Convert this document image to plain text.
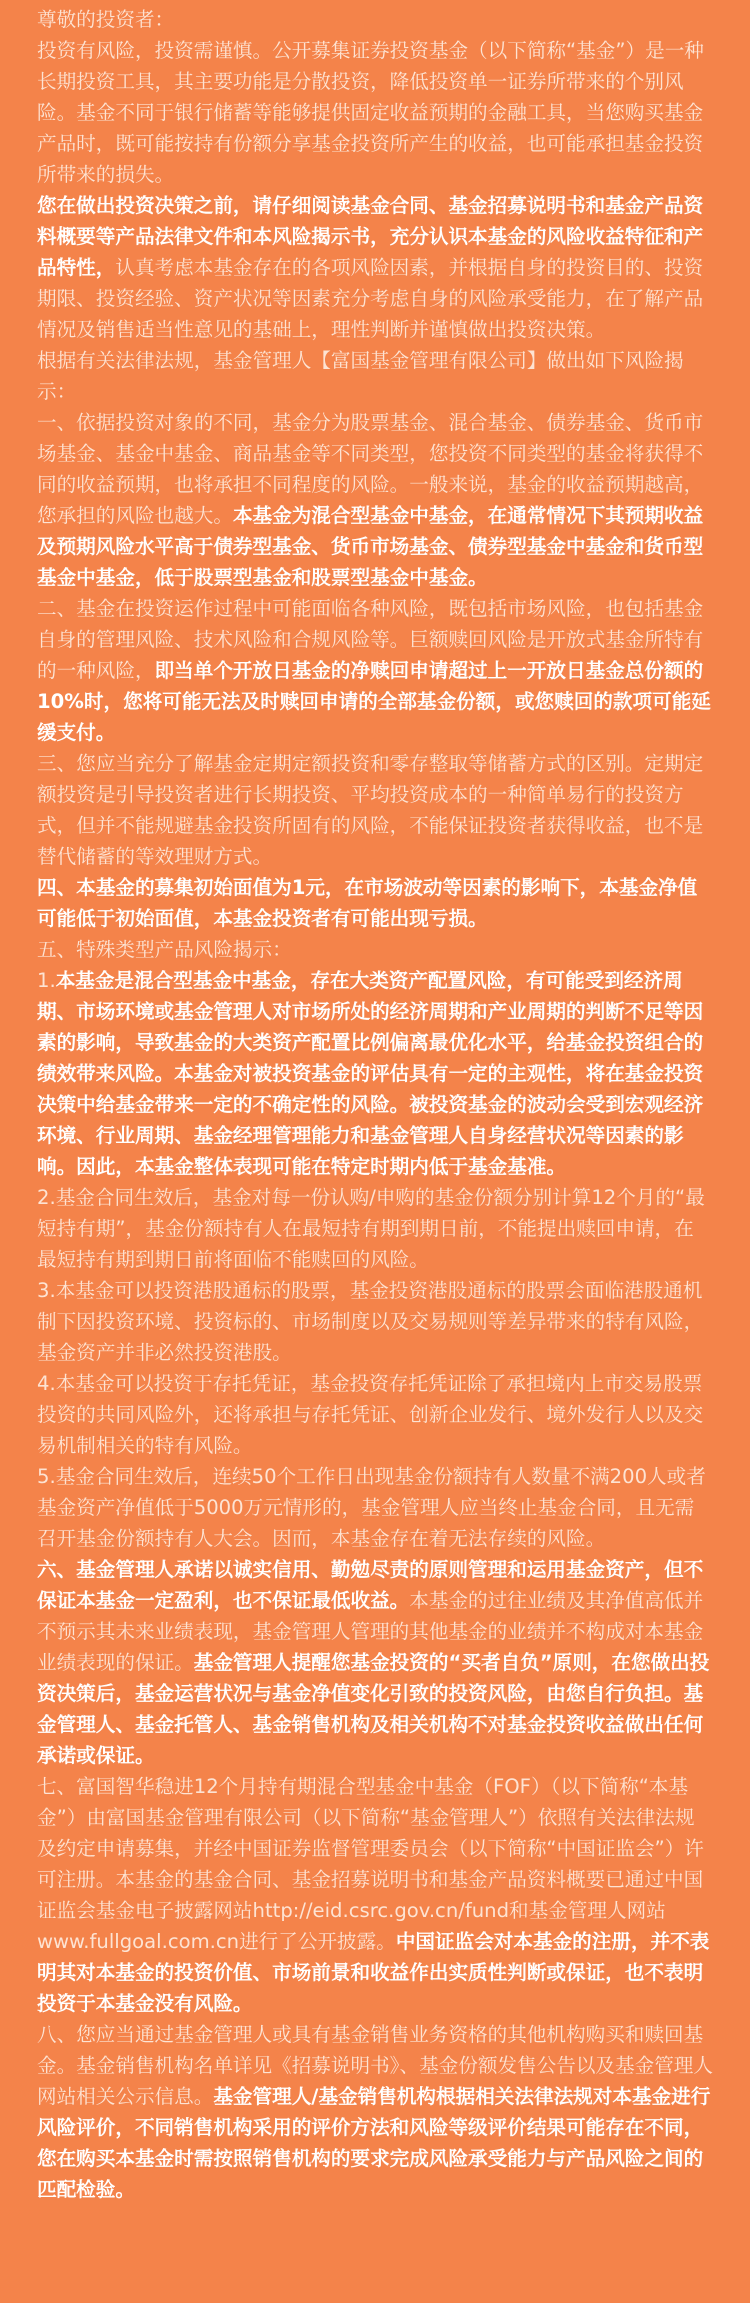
尊敬的投资者：

投资有风险，投资需谨慎。公开募集证券投资基金（以下简称“基金”）是一种长期投资工具，其主要功能是分散投资，降低投资单一证券所带来的个别风险。基金不同于银行储蓄等能够提供固定收益预期的金融工具，当您购买基金产品时，既可能按持有份额分享基金投资所产生的收益，也可能承担基金投资所带来的损失。

您在做出投资决策之前，请仔细阅读基金合同、基金招募说明书和基金产品资料概要等产品法律文件和本风险揭示书，充分认识本基金的风险收益特征和产品特性，认真考虑本基金存在的各项风险因素，并根据自身的投资目的、投资期限、投资经验、资产状况等因素充分考虑自身的风险承受能力，在了解产品情况及销售适当性意见的基础上，理性判断并谨慎做出投资决策。

根据有关法律法规，基金管理人【富国基金管理有限公司】做出如下风险揭示：

一、依据投资对象的不同，基金分为股票基金、混合基金、债券基金、货币市场基金、基金中基金、商品基金等不同类型，您投资不同类型的基金将获得不同的收益预期，也将承担不同程度的风险。一般来说，基金的收益预期越高，您承担的风险也越大。本基金为混合型基金中基金，在通常情况下其预期收益及预期风险水平高于债券型基金、货币市场基金、债券型基金中基金和货币型基金中基金，低于股票型基金和股票型基金中基金。

二、基金在投资运作过程中可能面临各种风险，既包括市场风险，也包括基金自身的管理风险、技术风险和合规风险等。巨额赎回风险是开放式基金所特有的一种风险，即当单个开放日基金的净赎回申请超过上一开放日基金总份额的10%时，您将可能无法及时赎回申请的全部基金份额，或您赎回的款项可能延缓支付。

三、您应当充分了解基金定期定额投资和零存整取等储蓄方式的区别。定期定额投资是引导投资者进行长期投资、平均投资成本的一种简单易行的投资方式，但并不能规避基金投资所固有的风险，不能保证投资者获得收益，也不是替代储蓄的等效理财方式。

四、本基金的募集初始面值为1元，在市场波动等因素的影响下，本基金净值可能低于初始面值，本基金投资者有可能出现亏损。

五、特殊类型产品风险揭示：

1.本基金是混合型基金中基金，存在大类资产配置风险，有可能受到经济周期、市场环境或基金管理人对市场所处的经济周期和产业周期的判断不足等因素的影响，导致基金的大类资产配置比例偏离最优化水平，给基金投资组合的绩效带来风险。本基金对被投资基金的评估具有一定的主观性，将在基金投资决策中给基金带来一定的不确定性的风险。被投资基金的波动会受到宏观经济环境、行业周期、基金经理管理能力和基金管理人自身经营状况等因素的影响。因此，本基金整体表现可能在特定时期内低于基金基准。

2.基金合同生效后，基金对每一份认购/申购的基金份额分别计算12个月的“最短持有期”，基金份额持有人在最短持有期到期日前，不能提出赎回申请，在最短持有期到期日前将面临不能赎回的风险。

3.本基金可以投资港股通标的股票，基金投资港股通标的股票会面临港股通机制下因投资环境、投资标的、市场制度以及交易规则等差异带来的特有风险，基金资产并非必然投资港股。

4.本基金可以投资于存托凭证，基金投资存托凭证除了承担境内上市交易股票投资的共同风险外，还将承担与存托凭证、创新企业发行、境外发行人以及交易机制相关的特有风险。

5.基金合同生效后，连续50个工作日出现基金份额持有人数量不满200人或者基金资产净值低于5000万元情形的，基金管理人应当终止基金合同，且无需召开基金份额持有人大会。因而，本基金存在着无法存续的风险。

六、基金管理人承诺以诚实信用、勤勉尽责的原则管理和运用基金资产，但不保证本基金一定盈利，也不保证最低收益。本基金的过往业绩及其净值高低并不预示其未来业绩表现，基金管理人管理的其他基金的业绩并不构成对本基金业绩表现的保证。基金管理人提醒您基金投资的“买者自负”原则，在您做出投资决策后，基金运营状况与基金净值变化引致的投资风险，由您自行负担。基金管理人、基金托管人、基金销售机构及相关机构不对基金投资收益做出任何承诺或保证。

七、富国智华稳进12个月持有期混合型基金中基金（FOF）（以下简称“本基金”）由富国基金管理有限公司（以下简称“基金管理人”）依照有关法律法规及约定申请募集，并经中国证券监督管理委员会（以下简称“中国证监会”）许可注册。本基金的基金合同、基金招募说明书和基金产品资料概要已通过中国证监会基金电子披露网站http://eid.csrc.gov.cn/fund和基金管理人网站www.fullgoal.com.cn进行了公开披露。中国证监会对本基金的注册，并不表明其对本基金的投资价值、市场前景和收益作出实质性判断或保证，也不表明投资于本基金没有风险。

八、您应当通过基金管理人或具有基金销售业务资格的其他机构购买和赎回基金。基金销售机构名单详见《招募说明书》、基金份额发售公告以及基金管理人网站相关公示信息。基金管理人/基金销售机构根据相关法律法规对本基金进行风险评价，不同销售机构采用的评价方法和风险等级评价结果可能存在不同，您在购买本基金时需按照销售机构的要求完成风险承受能力与产品风险之间的匹配检验。
